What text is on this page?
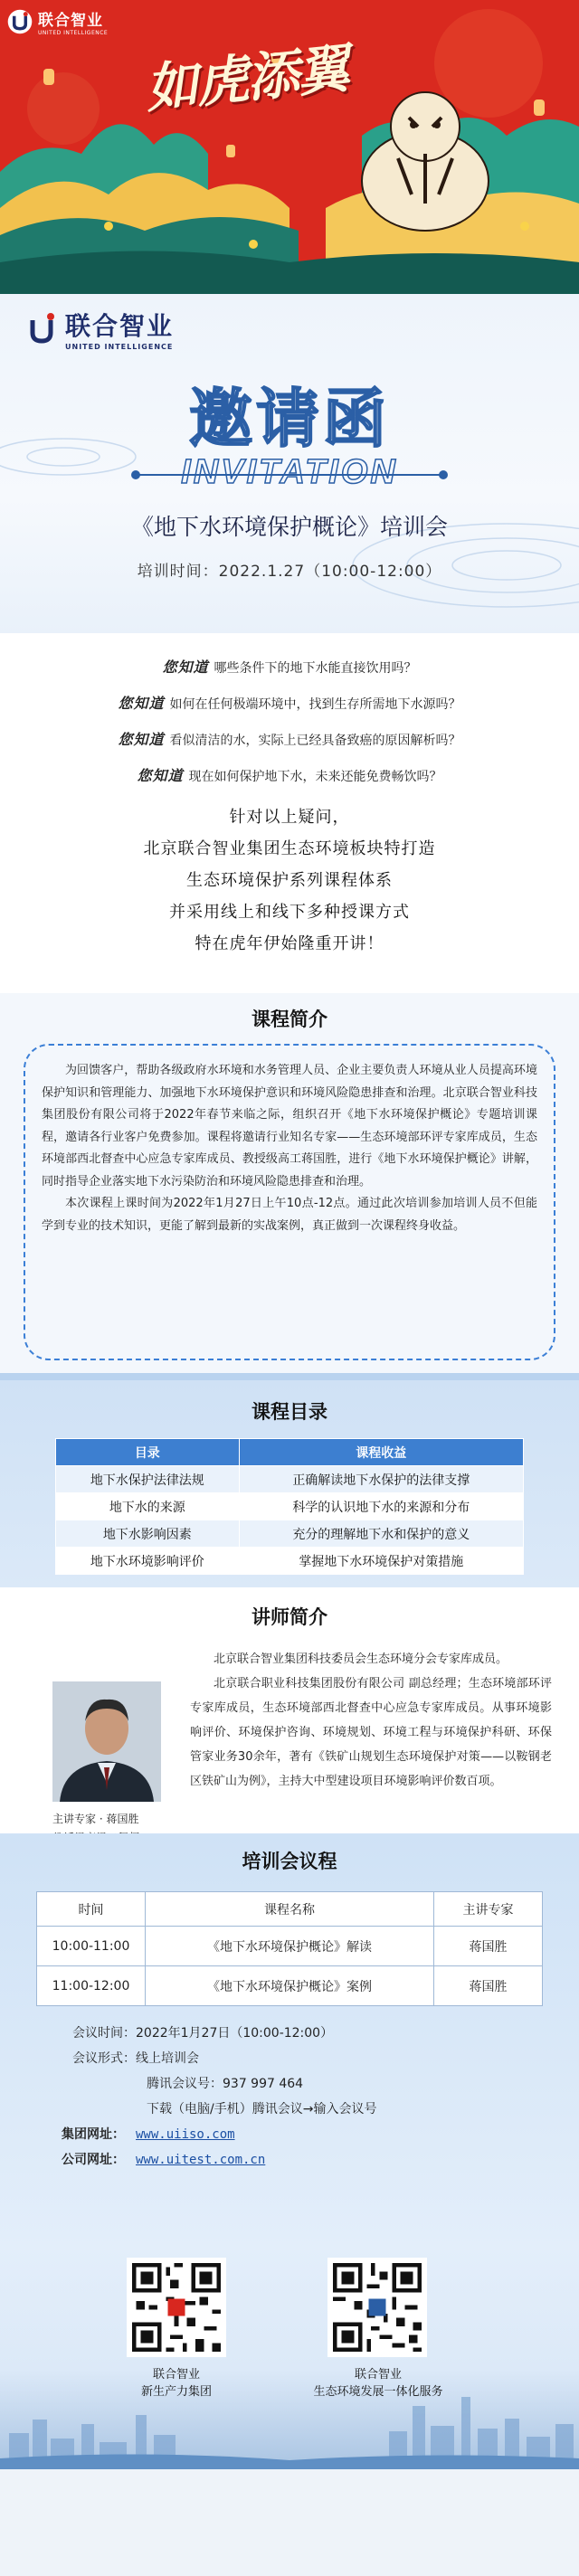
联合智业
UNITED INTELLIGENCE
如虎添翼
联合智业
UNITED INTELLIGENCE
邀请函
INVITATION
《地下水环境保护概论》培训会
培训时间：2022.1.27（10:00-12:00）
您知道 哪些条件下的地下水能直接饮用吗？
您知道 如何在任何极端环境中，找到生存所需地下水源吗？
您知道 看似清洁的水，实际上已经具备致癌的原因解析吗？
您知道 现在如何保护地下水，未来还能免费畅饮吗？
针对以上疑问，
北京联合智业集团生态环境板块特打造
生态环境保护系列课程体系
并采用线上和线下多种授课方式
特在虎年伊始隆重开讲！
课程简介

为回馈客户，帮助各级政府水环境和水务管理人员、企业主要负责人环境从业人员提高环境保护知识和管理能力、加强地下水环境保护意识和环境风险隐患排查和治理。北京联合智业科技集团股份有限公司将于2022年春节来临之际，组织召开《地下水环境保护概论》专题培训课程，邀请各行业客户免费参加。课程将邀请行业知名专家——生态环境部环评专家库成员，生态环境部西北督查中心应急专家库成员、教授级高工蒋国胜，进行《地下水环境保护概论》讲解，同时指导企业落实地下水污染防治和环境风险隐患排查和治理。

本次课程上课时间为2022年1月27日上午10点-12点。通过此次培训参加培训人员不但能学到专业的技术知识，更能了解到最新的实战案例，真正做到一次课程终身收益。

课程目录
目录	课程收益
地下水保护法律法规	正确解读地下水保护的法律支撑
地下水的来源	科学的认识地下水的来源和分布
地下水影响因素	充分的理解地下水和保护的意义
地下水环境影响评价	掌握地下水环境保护对策措施
讲师简介
主讲专家 · 蒋国胜

北京联合智业集团科技委员会生态环境分会专家库成员。

北京联合职业科技集团股份有限公司 副总经理；生态环境部环评专家库成员，生态环境部西北督查中心应急专家库成员。从事环境影响评价、环境保护咨询、环境规划、环境工程与环境保护科研、环保管家业务30余年，著有《铁矿山规划生态环境保护对策——以鞍钢老区铁矿山为例》，主持大中型建设项目环境影响评价数百项。

培训会议程
时间	课程名称	主讲专家
10:00-11:00	《地下水环境保护概论》解读	蒋国胜
11:00-12:00	《地下水环境保护概论》案例	蒋国胜
会议时间：2022年1月27日（10:00-12:00）
会议形式：线上培训会
腾讯会议号：937 997 464
下载（电脑/手机）腾讯会议→输入会议号
集团网址： www.uiiso.com
公司网址： www.uitest.com.cn
联合智业
新生产力集团
联合智业
生态环境发展一体化服务
